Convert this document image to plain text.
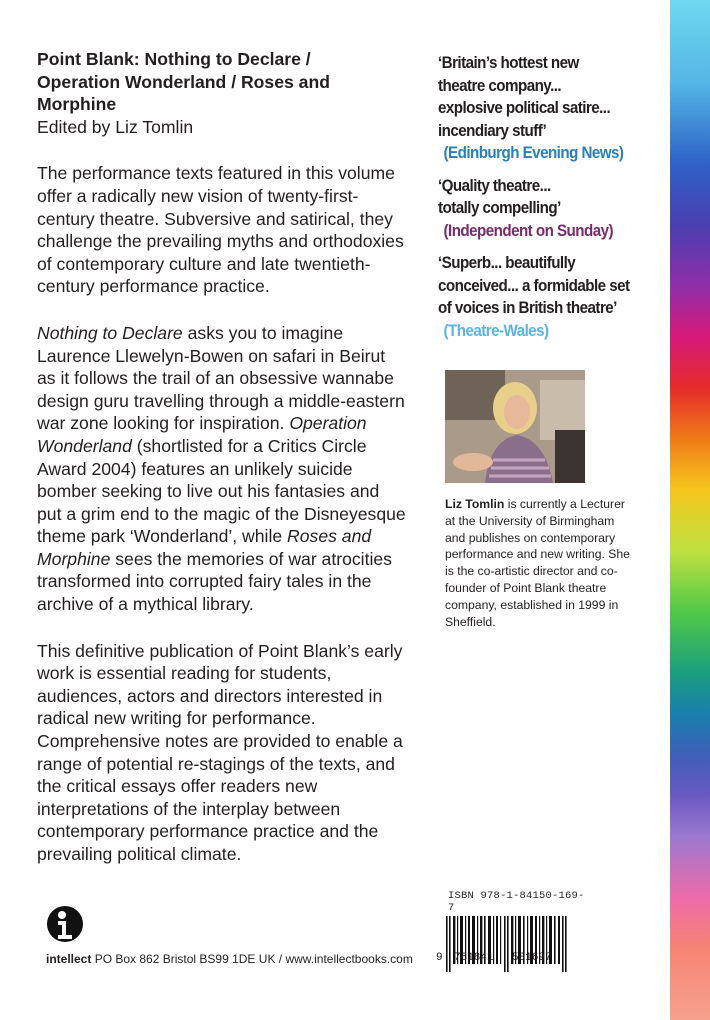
Point Blank: Nothing to Declare /
Operation Wonderland / Roses and Morphine
Edited by Liz Tomlin
The performance texts featured in this volume offer a radically new vision of twenty-first-century theatre. Subversive and satirical, they challenge the prevailing myths and orthodoxies of contemporary culture and late twentieth-century performance practice.
Nothing to Declare asks you to imagine Laurence Llewelyn-Bowen on safari in Beirut as it follows the trail of an obsessive wannabe design guru travelling through a middle-eastern war zone looking for inspiration. Operation Wonderland (shortlisted for a Critics Circle Award 2004) features an unlikely suicide bomber seeking to live out his fantasies and put a grim end to the magic of the Disneyesque theme park ‘Wonderland’, while Roses and Morphine sees the memories of war atrocities transformed into corrupted fairy tales in the archive of a mythical library.
This definitive publication of Point Blank’s early work is essential reading for students, audiences, actors and directors interested in radical new writing for performance. Comprehensive notes are provided to enable a range of potential re-stagings of the texts, and the critical essays offer readers new interpretations of the interplay between contemporary performance practice and the prevailing political climate.
‘Britain’s hottest new
theatre company...
explosive political satire...
incendiary stuff’
(Edinburgh Evening News)
‘Quality theatre...
totally compelling’
(Independent on Sunday)
‘Superb... beautifully
conceived... a formidable set
of voices in British theatre’
(Theatre-Wales)
Liz Tomlin is currently a Lecturer at the University of Birmingham and publishes on contemporary performance and new writing. She is the co-artistic director and co-founder of Point Blank theatre company, established in 1999 in Sheffield.
intellect PO Box 862 Bristol BS99 1DE UK / www.intellectbooks.com
ISBN 978-1-84150-169-7
9 781841 501697
